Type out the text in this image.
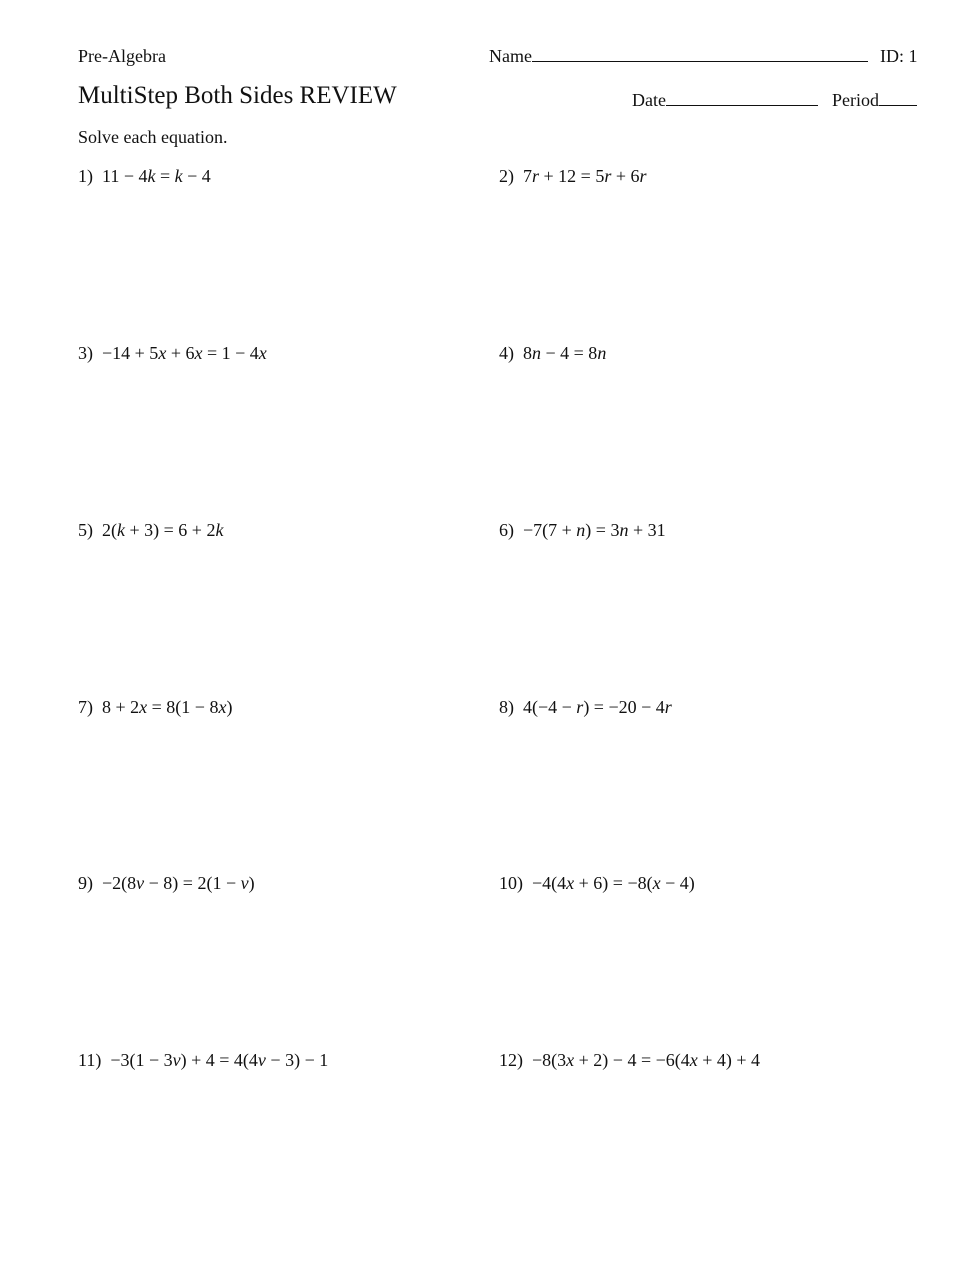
Pre-Algebra	Name	ID: 1
MultiStep Both Sides REVIEW	Date	Period
Solve each equation.
1) 11 − 4k = k − 4	2) 7r + 12 = 5r + 6r
3) −14 + 5x + 6x = 1 − 4x	4) 8n − 4 = 8n
5) 2(k + 3) = 6 + 2k	6) −7(7 + n) = 3n + 31
7) 8 + 2x = 8(1 − 8x)	8) 4(−4 − r) = −20 − 4r
9) −2(8v − 8) = 2(1 − v)	10) −4(4x + 6) = −8(x − 4)
11) −3(1 − 3v) + 4 = 4(4v − 3) − 1	12) −8(3x + 2) − 4 = −6(4x + 4) + 4
